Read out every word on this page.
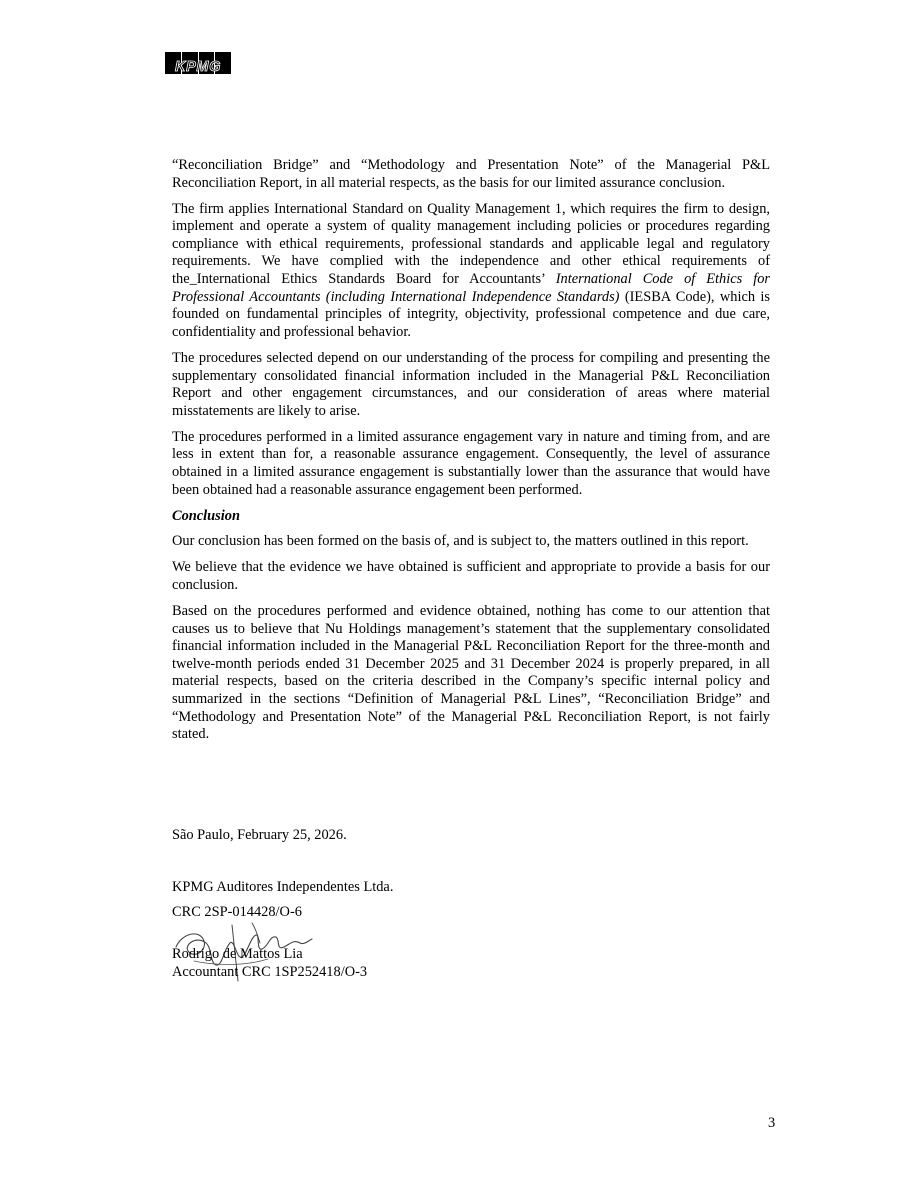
KPMG

“Reconciliation Bridge” and “Methodology and Presentation Note” of the Managerial P&L Reconciliation Report, in all material respects, as the basis for our limited assurance conclusion.

The firm applies International Standard on Quality Management 1, which requires the firm to design, implement and operate a system of quality management including policies or procedures regarding compliance with ethical requirements, professional standards and applicable legal and regulatory requirements. We have complied with the independence and other ethical requirements of the_International Ethics Standards Board for Accountants’ International Code of Ethics for Professional Accountants (including International Independence Standards) (IESBA Code), which is founded on fundamental principles of integrity, objectivity, professional competence and due care, confidentiality and professional behavior.

The procedures selected depend on our understanding of the process for compiling and presenting the supplementary consolidated financial information included in the Managerial P&L Reconciliation Report and other engagement circumstances, and our consideration of areas where material misstatements are likely to arise.

The procedures performed in a limited assurance engagement vary in nature and timing from, and are less in extent than for, a reasonable assurance engagement. Consequently, the level of assurance obtained in a limited assurance engagement is substantially lower than the assurance that would have been obtained had a reasonable assurance engagement been performed.

Conclusion

Our conclusion has been formed on the basis of, and is subject to, the matters outlined in this report.

We believe that the evidence we have obtained is sufficient and appropriate to provide a basis for our conclusion.

Based on the procedures performed and evidence obtained, nothing has come to our attention that causes us to believe that Nu Holdings management’s statement that the supplementary consolidated financial information included in the Managerial P&L Reconciliation Report for the three-month and twelve-month periods ended 31 December 2025 and 31 December 2024 is properly prepared, in all material respects, based on the criteria described in the Company’s specific internal policy and summarized in the sections “Definition of Managerial P&L Lines”, “Reconciliation Bridge” and “Methodology and Presentation Note” of the Managerial P&L Reconciliation Report, is not fairly stated.

São Paulo, February 25, 2026.
KPMG Auditores Independentes Ltda.
CRC 2SP-014428/O-6
Rodrigo de Mattos Lia
Accountant CRC 1SP252418/O-3
3
